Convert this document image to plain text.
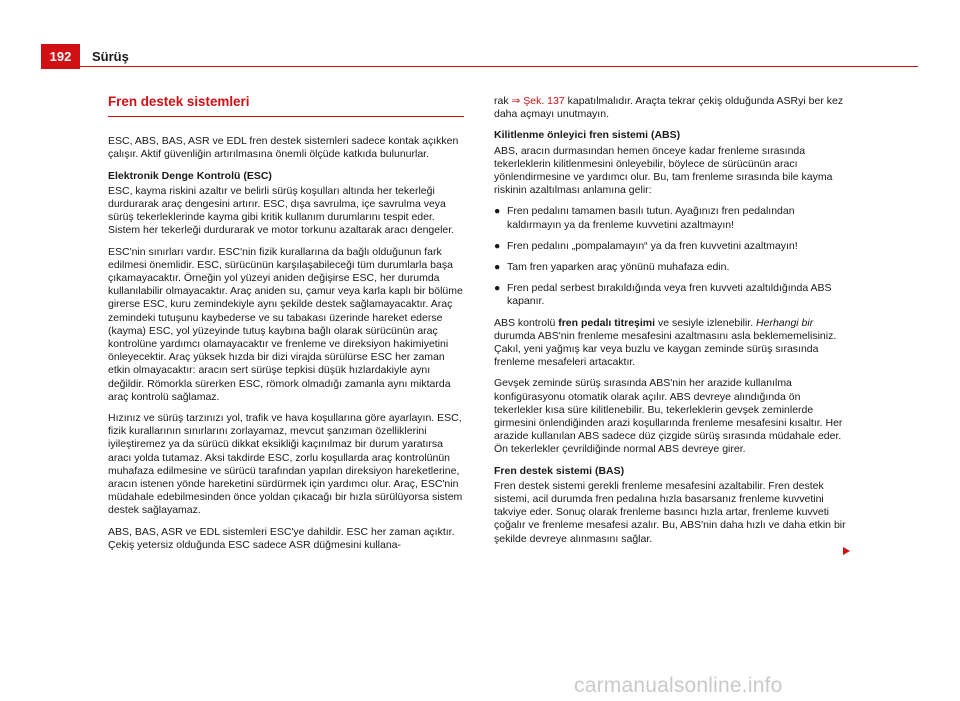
192	Sürüş
Fren destek sistemleri

ESC, ABS, BAS, ASR ve EDL fren destek sistemleri sadece kontak açıkken çalışır. Aktif güvenliğin artırılmasına önemli ölçüde katkıda bulunurlar.

Elektronik Denge Kontrolü (ESC)

ESC, kayma riskini azaltır ve belirli sürüş koşulları altında her tekerleği durdurarak araç dengesini artırır. ESC, dışa savrulma, içe savrulma veya sürüş tekerleklerinde kayma gibi kritik kullanım durumlarını tespit eder. Sistem her tekerleği durdurarak ve motor torkunu azaltarak aracı dengeler.

ESC'nin sınırları vardır. ESC'nin fizik kurallarına da bağlı olduğunun fark edilmesi önemlidir. ESC, sürücünün karşılaşabileceği tüm durumlarla başa çıkamayacaktır. Örneğin yol yüzeyi aniden değişirse ESC, her durumda kullanılabilir olmayacaktır. Araç aniden su, çamur veya karla kaplı bir bölüme girerse ESC, kuru zemindekiyle aynı şekilde destek sağlamayacaktır. Araç zemindeki tutuşunu kaybederse ve su tabakası üzerinde hareket ederse (kayma) ESC, yol yüzeyinde tutuş kaybına bağlı olarak sürücünün araç kontrolüne yardımcı olamayacaktır ve frenleme ve direksiyon hakimiyetini önleyecektir. Araç yüksek hızda bir dizi virajda sürülürse ESC her zaman etkin olmayacaktır: aracın sert sürüşe tepkisi düşük hızlardakiyle aynı değildir. Römorkla sürerken ESC, römork olmadığı zamanla aynı miktarda araç kontrolü sağlamaz.

Hızınız ve sürüş tarzınızı yol, trafik ve hava koşullarına göre ayarlayın. ESC, fizik kurallarının sınırlarını zorlayamaz, mevcut şanzıman özelliklerini iyileştiremez ya da sürücü dikkat eksikliği kaçınılmaz bir durum yaratırsa aracı yolda tutamaz. Aksi takdirde ESC, zorlu koşullarda araç kontrolünün muhafaza edilmesine ve sürücü tarafından yapılan direksiyon hareketlerine, aracın istenen yönde hareketini sürdürmek için yardımcı olur. Araç, ESC'nin müdahale edebilmesinden önce yoldan çıkacağı bir hızla sürülüyorsa sistem destek sağlayamaz.

ABS, BAS, ASR ve EDL sistemleri ESC'ye dahildir. ESC her zaman açıktır. Çekiş yetersiz olduğunda ESC sadece ASR düğmesini kullana-

rak ⇒ Şek. 137 kapatılmalıdır. Araçta tekrar çekiş olduğunda ASRyi ber kez daha açmayı unutmayın.

Kilitlenme önleyici fren sistemi (ABS)

ABS, aracın durmasından hemen önceye kadar frenleme sırasında tekerleklerin kilitlenmesini önleyebilir, böylece de sürücünün aracı yönlendirmesine ve yardımcı olur. Bu, tam frenleme sırasında bile kayma riskinin azaltılması anlamına gelir:

● Fren pedalını tamamen basılı tutun. Ayağınızı fren pedalından kaldırmayın ya da frenleme kuvvetini azaltmayın!
● Fren pedalını „pompalamayın“ ya da fren kuvvetini azaltmayın!
● Tam fren yaparken araç yönünü muhafaza edin.
● Fren pedal serbest bırakıldığında veya fren kuvveti azaltıldığında ABS kapanır.

ABS kontrolü fren pedalı titreşimi ve sesiyle izlenebilir. Herhangi bir durumda ABS'nin frenleme mesafesini azaltmasını asla beklememelisiniz. Çakıl, yeni yağmış kar veya buzlu ve kaygan zeminde sürüş sırasında frenleme mesafeleri artacaktır.

Gevşek zeminde sürüş sırasında ABS'nin her arazide kullanılma konfigürasyonu otomatik olarak açılır. ABS devreye alındığında ön tekerlekler kısa süre kilitlenebilir. Bu, tekerleklerin gevşek zeminlerde girmesini önlendiğinden arazi koşullarında frenleme mesafesini kısaltır. Her arazide kullanılan ABS sadece düz çizgide sürüş sırasında müdahale eder. Ön tekerlekler çevrildiğinde normal ABS devreye girer.

Fren destek sistemi (BAS)

Fren destek sistemi gerekli frenleme mesafesini azaltabilir. Fren destek sistemi, acil durumda fren pedalına hızla basarsanız frenleme kuvvetini takviye eder. Sonuç olarak frenleme basıncı hızla artar, frenleme kuvveti çoğalır ve frenleme mesafesi azalır. Bu, ABS'nin daha hızlı ve daha etkin bir şekilde devreye alınmasını sağlar.

carmanualsonline.info
